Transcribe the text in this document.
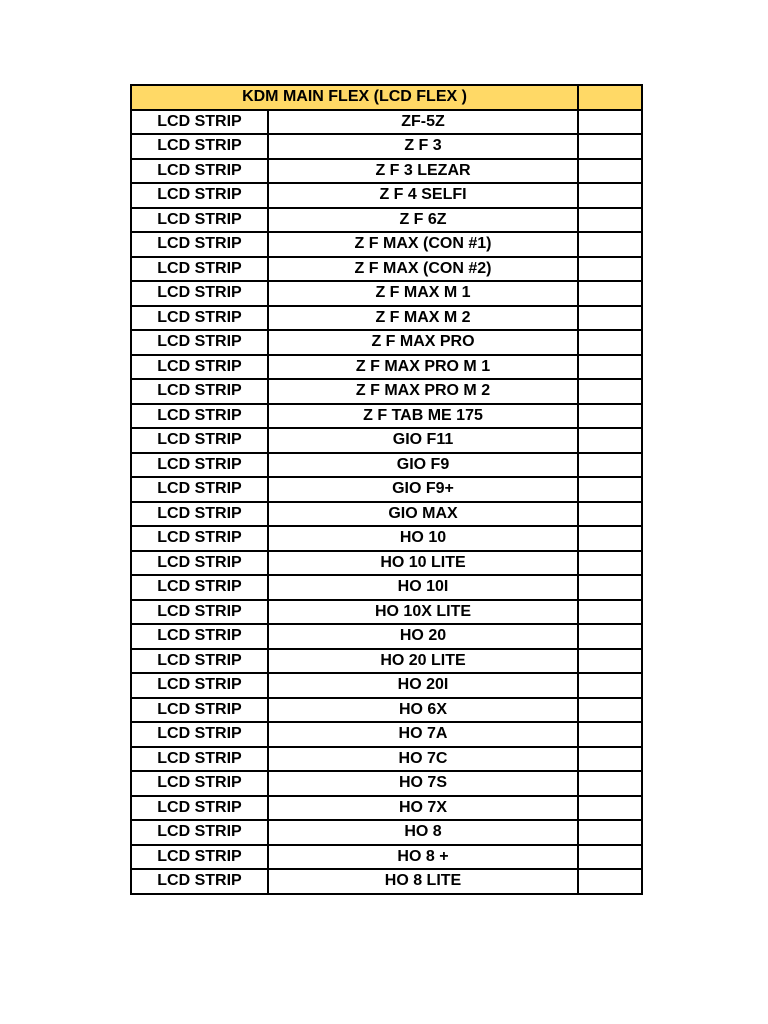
KDM MAIN FLEX (LCD FLEX )		
LCD STRIP	ZF-5Z	
LCD STRIP	Z F 3	
LCD STRIP	Z F 3 LEZAR	
LCD STRIP	Z F 4 SELFI	
LCD STRIP	Z F 6Z	
LCD STRIP	Z F MAX (CON #1)	
LCD STRIP	Z F MAX (CON #2)	
LCD STRIP	Z F MAX M 1	
LCD STRIP	Z F MAX M 2	
LCD STRIP	Z F MAX PRO	
LCD STRIP	Z F MAX PRO M 1	
LCD STRIP	Z F MAX PRO M 2	
LCD STRIP	Z F TAB ME 175	
LCD STRIP	GIO F11	
LCD STRIP	GIO F9	
LCD STRIP	GIO F9+	
LCD STRIP	GIO MAX	
LCD STRIP	HO 10	
LCD STRIP	HO 10 LITE	
LCD STRIP	HO 10I	
LCD STRIP	HO 10X LITE	
LCD STRIP	HO 20	
LCD STRIP	HO 20 LITE	
LCD STRIP	HO 20I	
LCD STRIP	HO 6X	
LCD STRIP	HO 7A	
LCD STRIP	HO 7C	
LCD STRIP	HO 7S	
LCD STRIP	HO 7X	
LCD STRIP	HO 8	
LCD STRIP	HO 8 +	
LCD STRIP	HO 8 LITE	
